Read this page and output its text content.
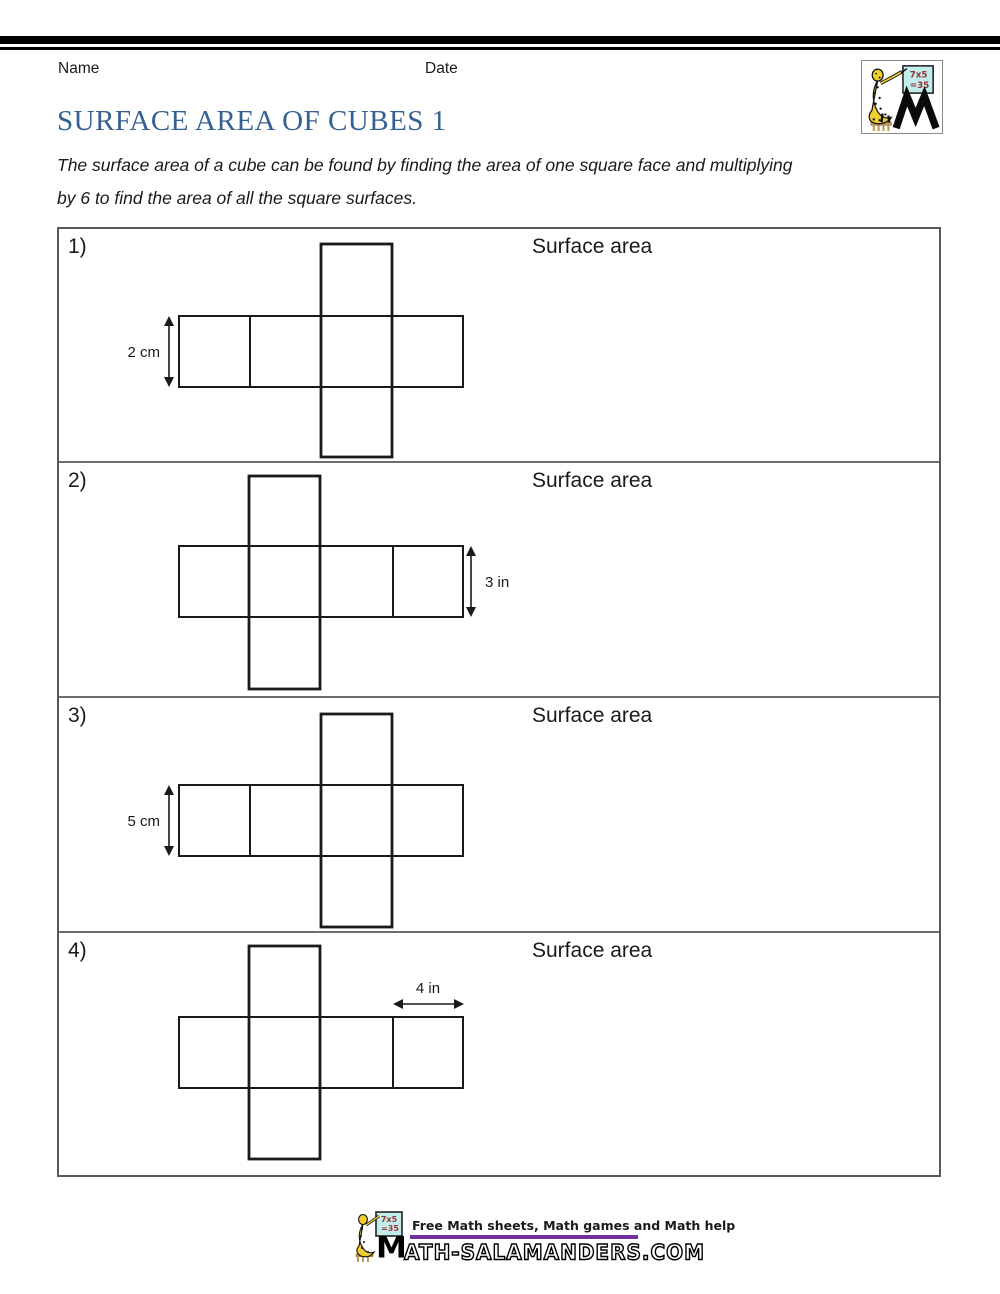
Name	Date	7x5
=35
SURFACE AREA OF CUBES 1
The surface area of a cube can be found by finding the area of one square face and multiplying
by 6 to find the area of all the square surfaces.
1)	Surface area
2 cm
2)	Surface area
3 in
3)	Surface area
5 cm
4)	Surface area
4 in
7x5
=35
M
Free Math sheets, Math games and Math help
ATH-SALAMANDERS.COM
